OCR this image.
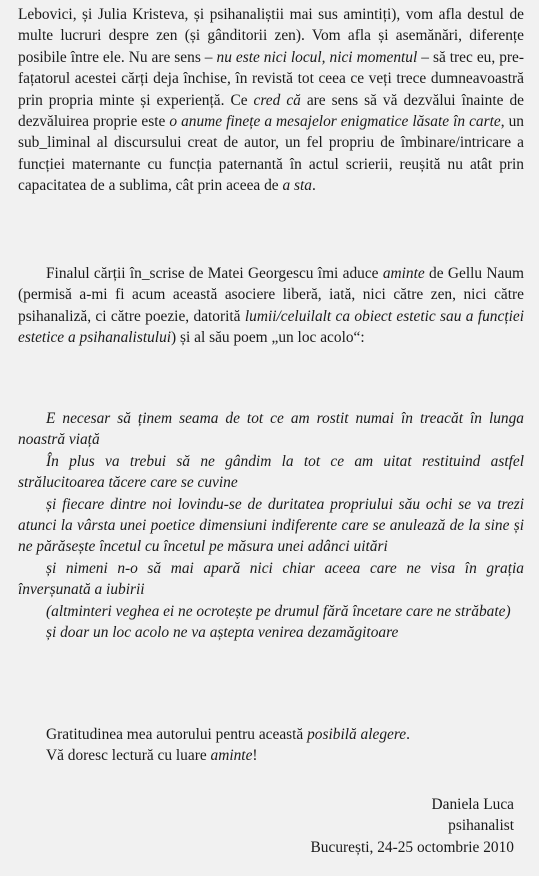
Lebovici, și Julia Kristeva, și psihanaliștii mai sus amintiți), vom afla destul de multe lucruri despre zen (și gânditorii zen). Vom afla și asemănări, diferențe posibile între ele. Nu are sens – nu este nici locul, nici momentul – să trec eu, pre-fațatorul acestei cărți deja închise, în revistă tot ceea ce veți trece dumneavoastră prin propria minte și experiență. Ce cred că are sens să vă dezvălui înainte de dezvăluirea proprie este o anume finețe a mesajelor enigmatice lăsate în carte, un sub_liminal al discursului creat de autor, un fel propriu de îmbinare/intricare a funcției maternante cu funcția paternantă în actul scrierii, reușită nu atât prin capacitatea de a sublima, cât prin aceea de a sta.

Finalul cărții în_scrise de Matei Georgescu îmi aduce aminte de Gellu Naum (permisă a-mi fi acum această asociere liberă, iată, nici către zen, nici către psihanaliză, ci către poezie, datorită lumii/celuilalt ca obiect estetic sau a funcției estetice a psihanalistului) și al său poem „un loc acolo“:

E necesar să ținem seama de tot ce am rostit numai în treacăt în lunga noastră viață

În plus va trebui să ne gândim la tot ce am uitat restituind astfel strălucitoarea tăcere care se cuvine

și fiecare dintre noi lovindu-se de duritatea propriului său ochi se va trezi atunci la vârsta unei poetice dimensiuni indiferente care se anulează de la sine și ne părăsește încetul cu încetul pe măsura unei adânci uitări

și nimeni n-o să mai apară nici chiar aceea care ne visa în grația înverșunată a iubirii

(altminteri veghea ei ne ocrotește pe drumul fără încetare care ne străbate)

și doar un loc acolo ne va aștepta venirea dezamăgitoare

Gratitudinea mea autorului pentru această posibilă alegere.

Vă doresc lectură cu luare aminte!

Daniela Luca
psihanalist
București, 24-25 octombrie 2010
